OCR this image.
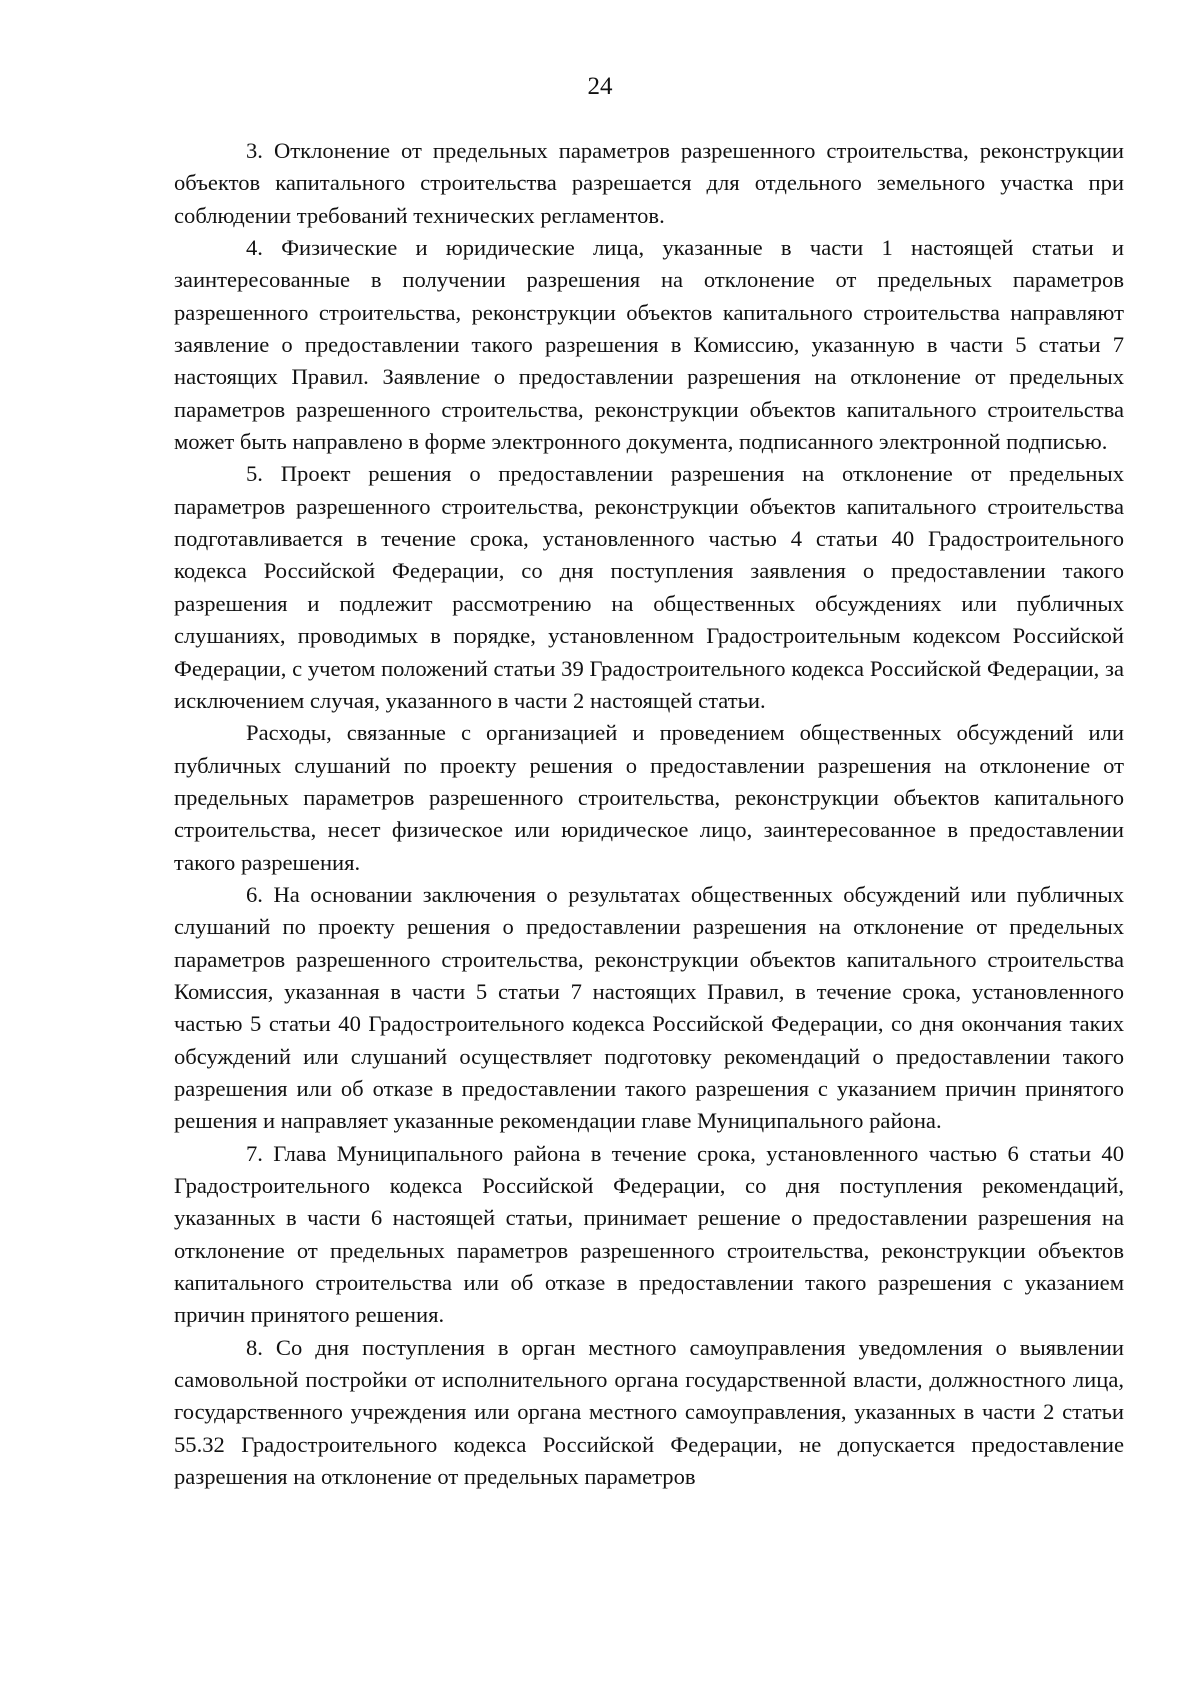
24

3. Отклонение от предельных параметров разрешенного строительства, реконструкции объектов капитального строительства разрешается для отдельного земельного участка при соблюдении требований технических регламентов.

4. Физические и юридические лица, указанные в части 1 настоящей статьи и заинтересованные в получении разрешения на отклонение от предельных параметров разрешенного строительства, реконструкции объектов капитального строительства направляют заявление о предоставлении такого разрешения в Комиссию, указанную в части 5 статьи 7 настоящих Правил. Заявление о предоставлении разрешения на отклонение от предельных параметров разрешенного строительства, реконструкции объектов капитального строительства может быть направлено в форме электронного документа, подписанного электронной подписью.

5. Проект решения о предоставлении разрешения на отклонение от предельных параметров разрешенного строительства, реконструкции объектов капитального строительства подготавливается в течение срока, установленного частью 4 статьи 40 Градостроительного кодекса Российской Федерации, со дня поступления заявления о предоставлении такого разрешения и подлежит рассмотрению на общественных обсуждениях или публичных слушаниях, проводимых в порядке, установленном Градостроительным кодексом Российской Федерации, с учетом положений статьи 39 Градостроительного кодекса Российской Федерации, за исключением случая, указанного в части 2 настоящей статьи.

Расходы, связанные с организацией и проведением общественных обсуждений или публичных слушаний по проекту решения о предоставлении разрешения на отклонение от предельных параметров разрешенного строительства, реконструкции объектов капитального строительства, несет физическое или юридическое лицо, заинтересованное в предоставлении такого разрешения.

6. На основании заключения о результатах общественных обсуждений или публичных слушаний по проекту решения о предоставлении разрешения на отклонение от предельных параметров разрешенного строительства, реконструкции объектов капитального строительства Комиссия, указанная в части 5 статьи 7 настоящих Правил, в течение срока, установленного частью 5 статьи 40 Градостроительного кодекса Российской Федерации, со дня окончания таких обсуждений или слушаний осуществляет подготовку рекомендаций о предоставлении такого разрешения или об отказе в предоставлении такого разрешения с указанием причин принятого решения и направляет указанные рекомендации главе Муниципального района.

7. Глава Муниципального района в течение срока, установленного частью 6 статьи 40 Градостроительного кодекса Российской Федерации, со дня поступления рекомендаций, указанных в части 6 настоящей статьи, принимает решение о предоставлении разрешения на отклонение от предельных параметров разрешенного строительства, реконструкции объектов капитального строительства или об отказе в предоставлении такого разрешения с указанием причин принятого решения.

8. Со дня поступления в орган местного самоуправления уведомления о выявлении самовольной постройки от исполнительного органа государственной власти, должностного лица, государственного учреждения или органа местного самоуправления, указанных в части 2 статьи 55.32 Градостроительного кодекса Российской Федерации, не допускается предоставление разрешения на отклонение от предельных параметров
